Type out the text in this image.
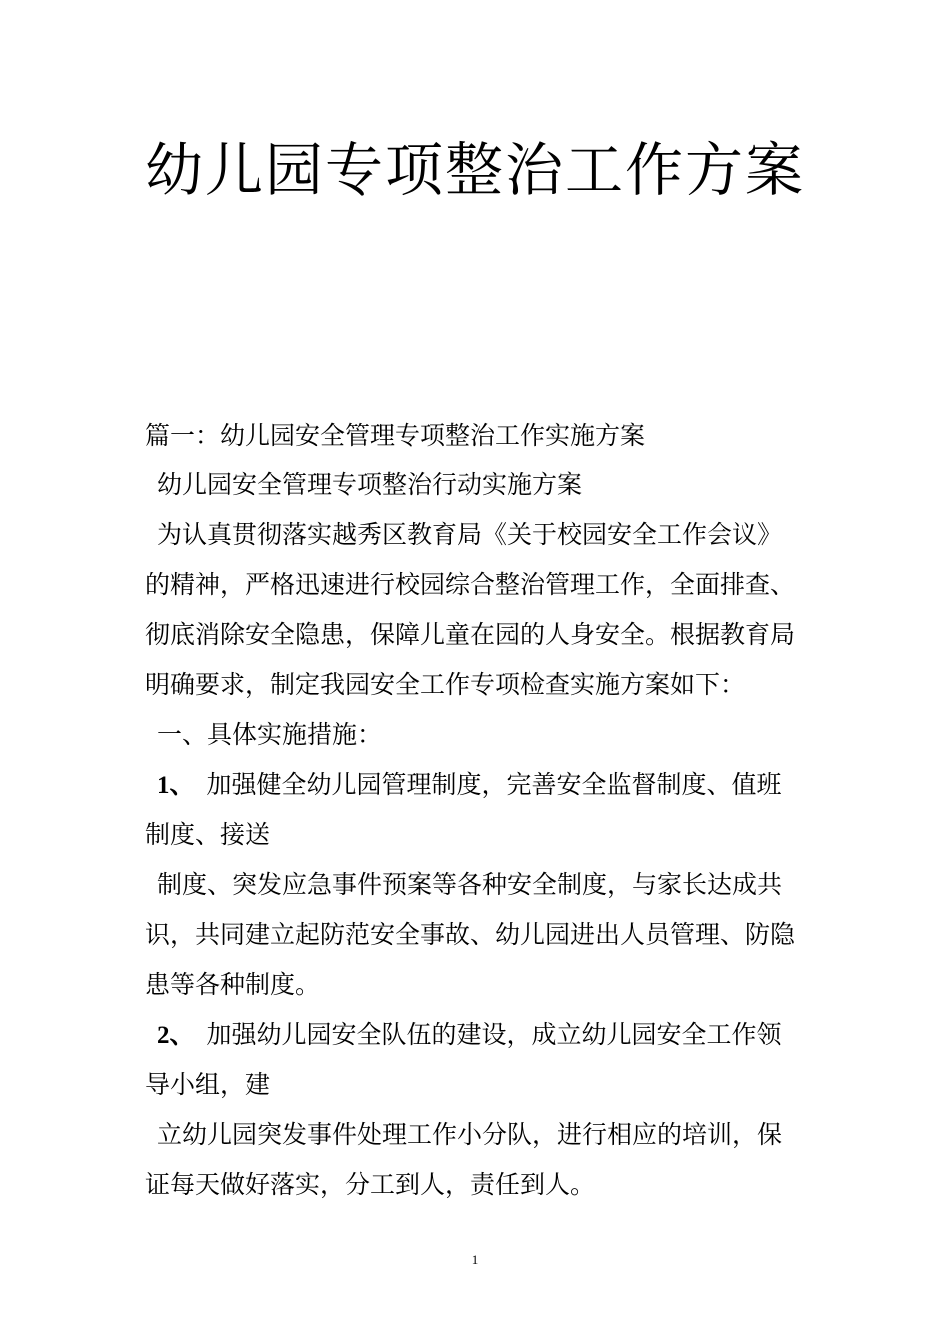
幼儿园专项整治工作方案
篇一：幼儿园安全管理专项整治工作实施方案
幼儿园安全管理专项整治行动实施方案
为认真贯彻落实越秀区教育局《关于校园安全工作会议》
的精神，严格迅速进行校园综合整治管理工作，全面排查、
彻底消除安全隐患，保障儿童在园的人身安全。根据教育局
明确要求，制定我园安全工作专项检查实施方案如下：
一、具体实施措施：
1、 加强健全幼儿园管理制度，完善安全监督制度、值班
制度、接送
制度、突发应急事件预案等各种安全制度，与家长达成共
识，共同建立起防范安全事故、幼儿园进出人员管理、防隐
患等各种制度。
2、 加强幼儿园安全队伍的建设，成立幼儿园安全工作领
导小组，建
立幼儿园突发事件处理工作小分队，进行相应的培训，保
证每天做好落实，分工到人，责任到人。
1
